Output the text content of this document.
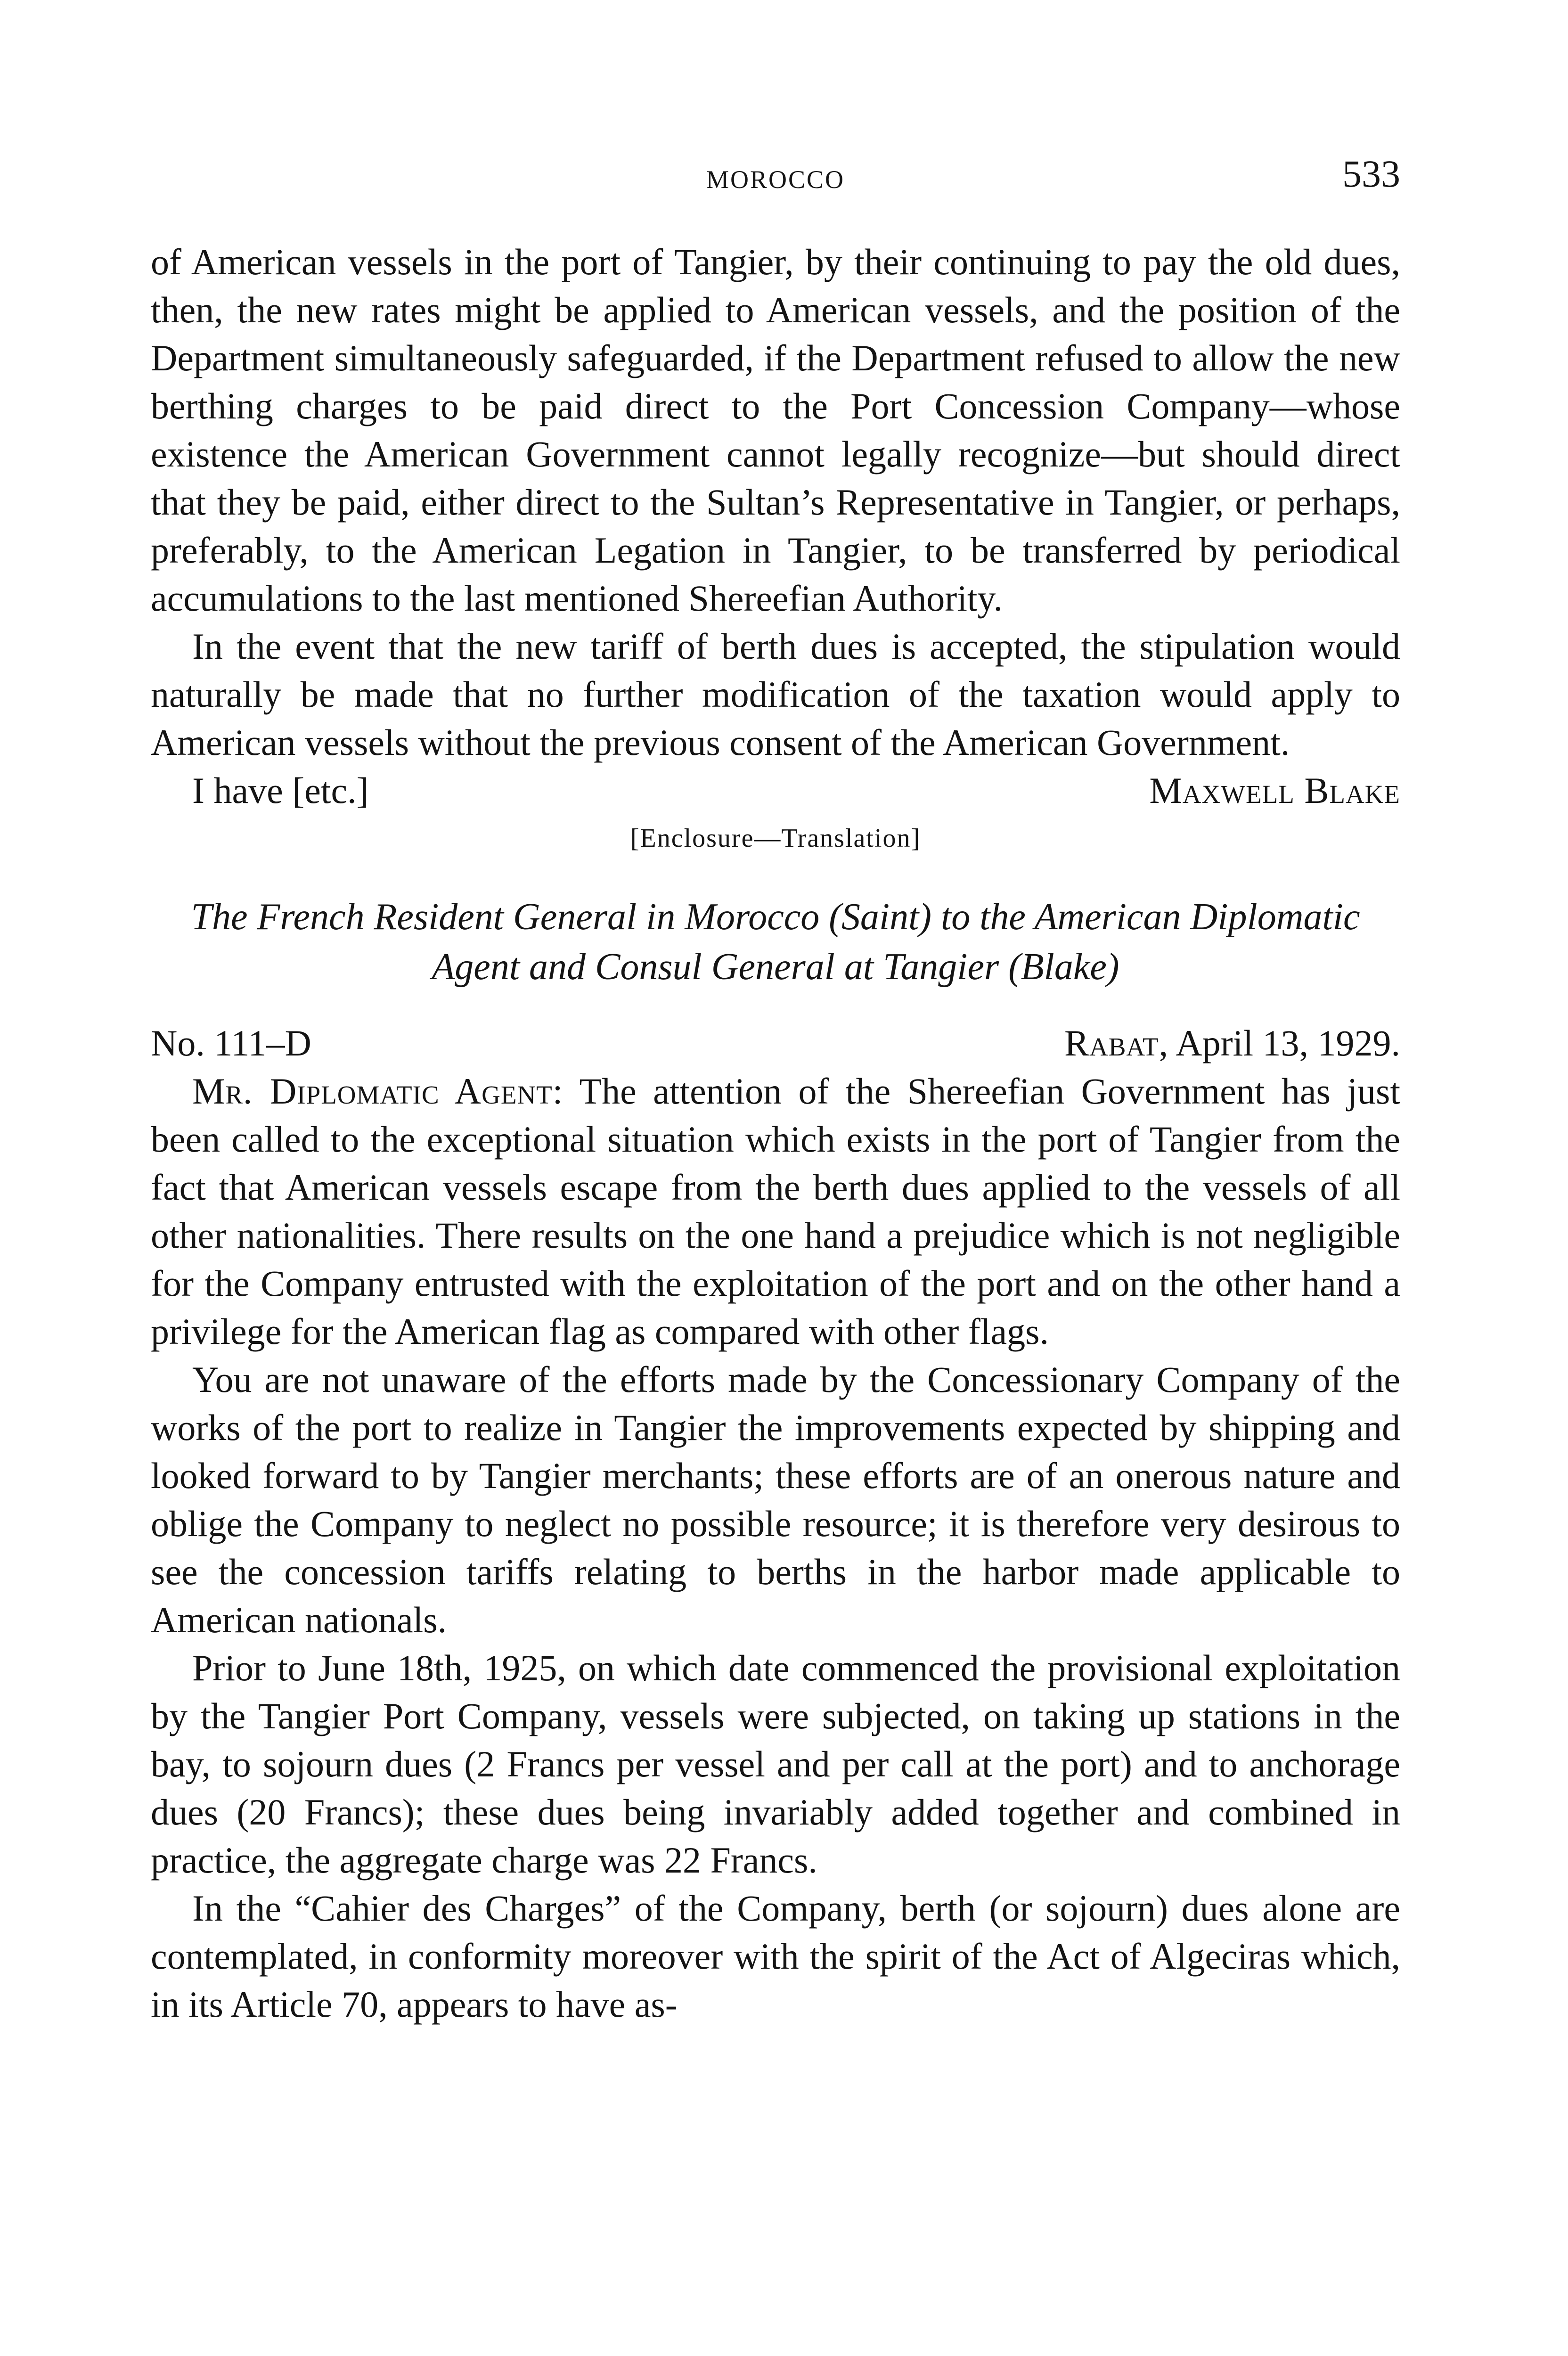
MOROCCO	533

of American vessels in the port of Tangier, by their continuing to pay the old dues, then, the new rates might be applied to American vessels, and the position of the Department simultaneously safeguarded, if the Department refused to allow the new berthing charges to be paid direct to the Port Concession Company—whose existence the American Government cannot legally recognize—but should direct that they be paid, either direct to the Sultan’s Representative in Tangier, or perhaps, preferably, to the American Legation in Tangier, to be transferred by periodical accumulations to the last mentioned Shereefian Authority.

In the event that the new tariff of berth dues is accepted, the stipulation would naturally be made that no further modification of the taxation would apply to American vessels without the previous consent of the American Government.

I have [etc.]	Maxwell Blake
[Enclosure—Translation]
The French Resident General in Morocco (Saint) to the American Diplomatic Agent and Consul General at Tangier (Blake)
No. 111–D	Rabat, April 13, 1929.

Mr. Diplomatic Agent: The attention of the Shereefian Government has just been called to the exceptional situation which exists in the port of Tangier from the fact that American vessels escape from the berth dues applied to the vessels of all other nationalities. There results on the one hand a prejudice which is not negligible for the Company entrusted with the exploitation of the port and on the other hand a privilege for the American flag as compared with other flags.

You are not unaware of the efforts made by the Concessionary Company of the works of the port to realize in Tangier the improvements expected by shipping and looked forward to by Tangier merchants; these efforts are of an onerous nature and oblige the Company to neglect no possible resource; it is therefore very desirous to see the concession tariffs relating to berths in the harbor made applicable to American nationals.

Prior to June 18th, 1925, on which date commenced the provisional exploitation by the Tangier Port Company, vessels were subjected, on taking up stations in the bay, to sojourn dues (2 Francs per vessel and per call at the port) and to anchorage dues (20 Francs); these dues being invariably added together and combined in practice, the aggregate charge was 22 Francs.

In the “Cahier des Charges” of the Company, berth (or sojourn) dues alone are contemplated, in conformity moreover with the spirit of the Act of Algeciras which, in its Article 70, appears to have as-
